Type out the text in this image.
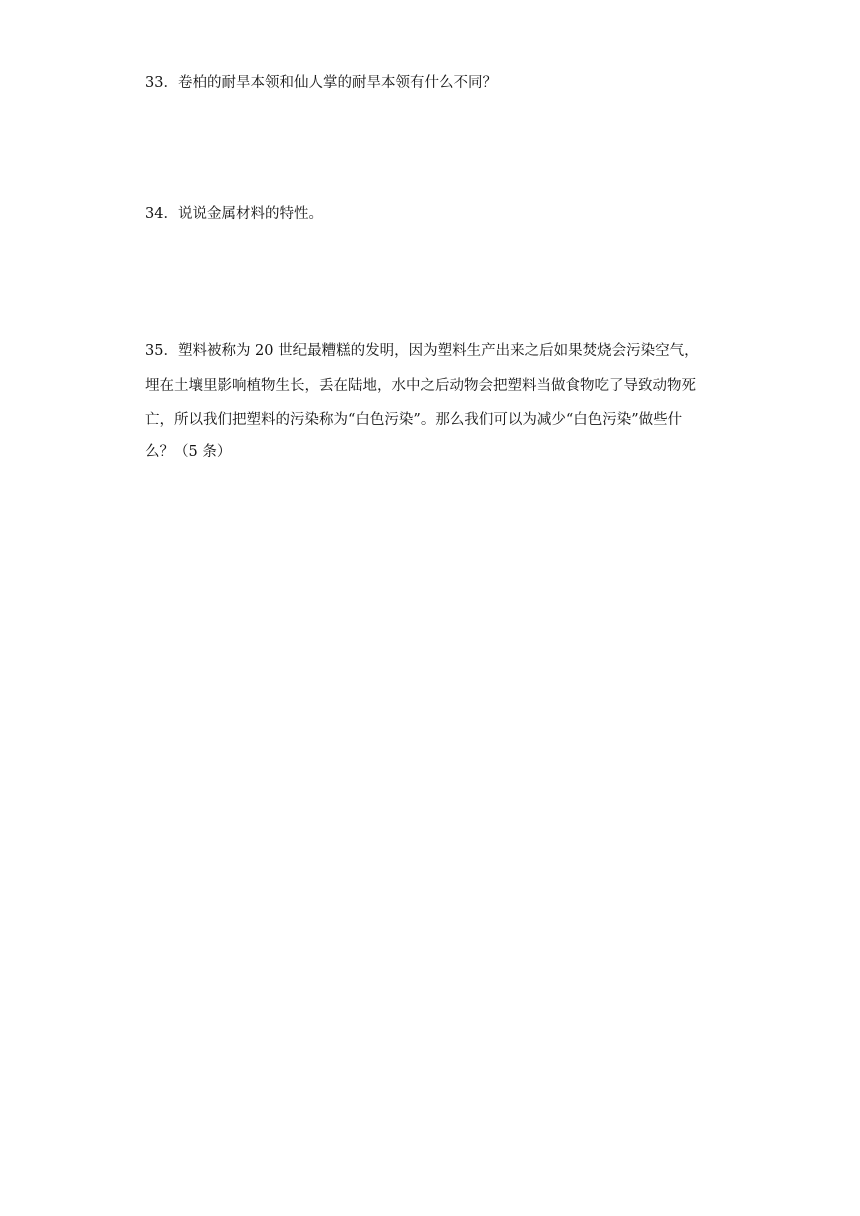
33．卷柏的耐旱本领和仙人掌的耐旱本领有什么不同？

34．说说金属材料的特性。

35．塑料被称为 20 世纪最糟糕的发明，因为塑料生产出来之后如果焚烧会污染空气，
埋在土壤里影响植物生长，丢在陆地，水中之后动物会把塑料当做食物吃了导致动物死
亡，所以我们把塑料的污染称为“白色污染”。那么我们可以为减少“白色污染”做些什
么？（5 条）
